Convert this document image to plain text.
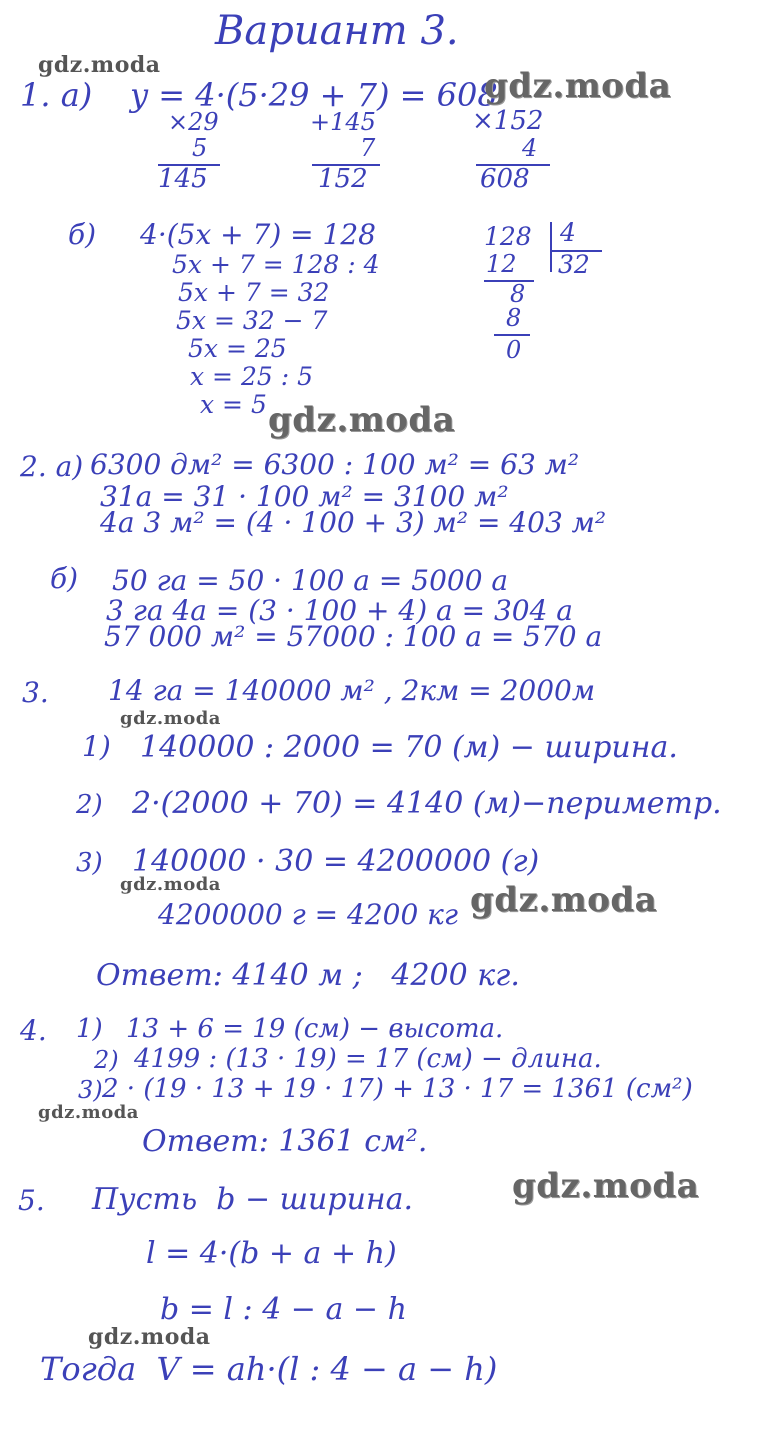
Вариант 3.
1. а) y = 4·(5·29 + 7) = 608
×29
5
145
+145
7
152
×152
4
608
б) 4·(5x + 7) = 128
5x + 7 = 128 : 4
5x + 7 = 32
5x = 32 − 7
5x = 25
x = 25 : 5
x = 5
128 4
12 32
8
8
0
2. а) 6300 дм² = 6300 : 100 м² = 63 м²
31а = 31 · 100 м² = 3100 м²
4а 3 м² = (4 · 100 + 3) м² = 403 м²
б) 50 га = 50 · 100 а = 5000 а
3 га 4а = (3 · 100 + 4) а = 304 а
57 000 м² = 57000 : 100 а = 570 а
3. 14 га = 140000 м² , 2км = 2000м
1) 140000 : 2000 = 70 (м) − ширина.
2) 2·(2000 + 70) = 4140 (м)−периметр.
3) 140000 · 30 = 4200000 (г)
4200000 г = 4200 кг
Ответ: 4140 м ;   4200 кг.
4. 1) 13 + 6 = 19 (см) − высота.
2) 4199 : (13 · 19) = 17 (см) − длина.
3) 2 · (19 · 13 + 19 · 17) + 13 · 17 = 1361 (см²)
Ответ: 1361 см².
5. Пусть  b − ширина.
l = 4·(b + a + h)
b = l : 4 − a − h
Тогда  V = ah·(l : 4 − a − h)
gdz.moda
gdz.moda
gdz.moda
gdz.moda
gdz.moda	gdz.moda
gdz.moda
gdz.moda
gdz.moda
